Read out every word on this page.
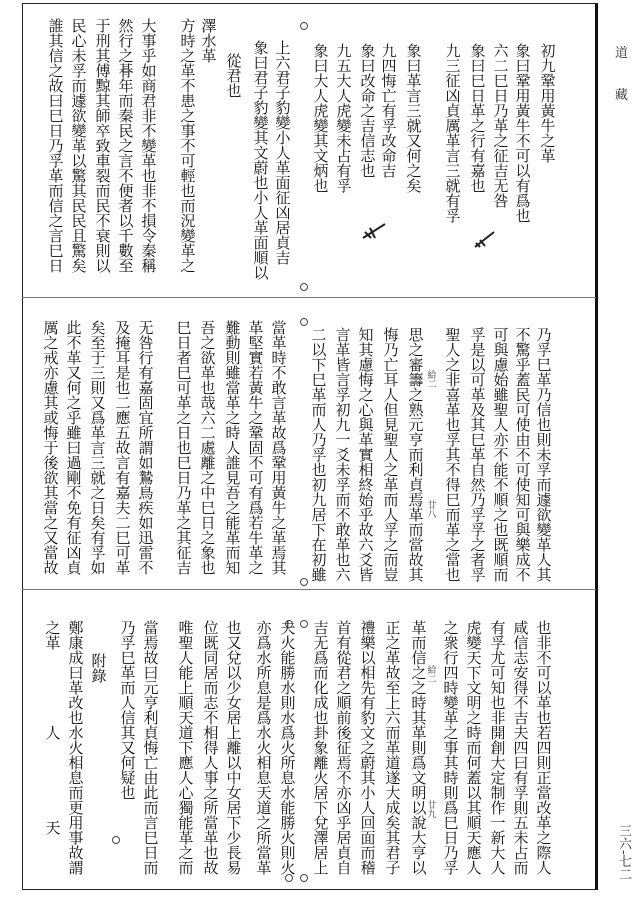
道
藏
三六-七二
初九鞏用黃牛之革
象曰鞏用黃牛不可以有爲也
六二巳日乃革之征吉无咎
象曰巳日革之行有嘉也
九三征凶貞厲革言三就有孚
象曰革言三就又何之矣
九四悔亡有孚改命吉
象曰改命之吉信志也
九五大人虎變未占有孚
象曰大人虎變其文炳也
上六君子豹變小人革面征凶居貞吉
象曰君子豹變其文蔚也小人革面順以
從君也
澤水革
方時之革不患之事不可輕也而況變革之
大事乎如商君非不變革也非不損令秦稱
然行之朞年而秦民之言不便者以千數至
于刑其傅黥其師卒致車裂而民不衰則以
民心未孚而遽欲變革以驚其民民且驚矣
誰其信之故曰巳日乃孚革而信之言巳日
乃孚巳革乃信也則未孚而遽欲變革人其
不驚乎蓋民可使由不可使知可與樂成不
可與慮始雖聖人亦不能不順之也既順而
孚是以可革及其巳革自然乃孚孚之者孚
聖人之非喜革也孚其不得巳而革之當也
思之審籌之熟元亨而利貞焉革而當故其
悔乃亡耳人但見聖人之革而人孚之而豈
知其慮悔之心與革實相終始乎故六爻皆
言革皆言孚初九一爻未孚而不敢革也六
二以下巳革而人乃孚也初九居下在初雖
當革時不敢言革故爲鞏用黃牛之革焉其
革堅實若黃牛之鞏固不可有爲若牛革之
難動則雖當革之時人誰見吾之能革而知
吾之欲革也哉六二處離之中巳日之象也
巳日者巳可革之日也巳日乃革之其征吉
无咎行有嘉固宜所謂如鷙鳥疾如迅雷不
及掩耳是也二應五故言有嘉夫二巳可革
矣至于三則又爲革言三就之日矣有孚如
此不革又何之乎雖曰過剛不免有征凶貞
厲之戒亦慮其或悔于後欲其當之又當故	給二
廿八
也非不可以革也若四則正當改革之際人
咸信志安得不吉夫四曰有孚則五未占而
有孚尤可知也非開創大定制作一新大人
虎變天下文明之時而何蓋以其順天應人
之衆行四時變革之事其時則爲巳日乃孚
革而信之之時其革則爲文明以說大亨以
正之革故至上六而革道遂大成矣其君子
禮樂以相先有豹文之蔚其小人回面而稽
首有從君之順前後征焉不亦凶乎居貞自
吉无爲而化成也卦象離火居下兌澤居上
夫火能勝水則水爲火所息水能勝火則火
亦爲水所息是爲水火相息天道之所當革
也又兌以少女居上離以中女居下少長易
位既同居而志不相得人事之所當革也故
唯聖人能上順天道下應人心獨能革之而
當焉故曰元亨利貞悔亡由此而言巳日而
乃孚巳革而人信其又何疑也
附錄
鄭康成曰革改也水火相息而更用事故謂
之革
人
天
給二
廿九
